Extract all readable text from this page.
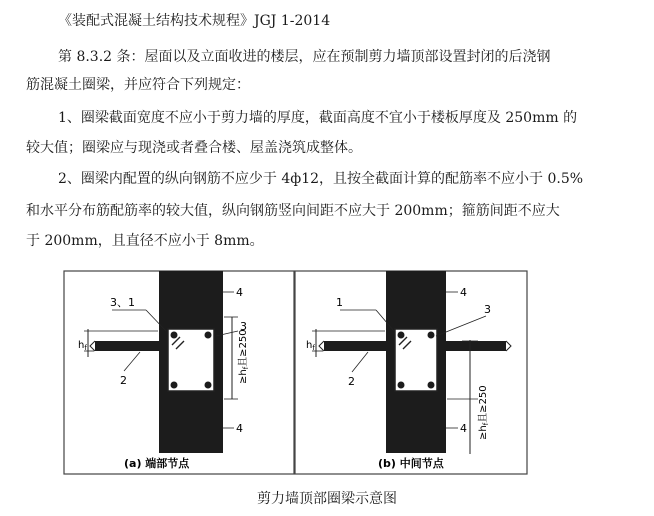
《装配式混凝土结构技术规程》JGJ 1-2014
第 8.3.2 条：屋面以及立面收进的楼层，应在预制剪力墙顶部设置封闭的后浇钢
筋混凝土圈梁，并应符合下列规定：
1、圈梁截面宽度不应小于剪力墙的厚度，截面高度不宜小于楼板厚度及 250mm 的
较大值；圈梁应与现浇或者叠合楼、屋盖浇筑成整体。
2、圈梁内配置的纵向钢筋不应少于 4ф12，且按全截面计算的配筋率不应小于 0.5%
和水平分布筋配筋率的较大值，纵向钢筋竖向间距不应大于 200mm；箍筋间距不应大
于 200mm，且直径不应小于 8mm。
3、1
2
3
4
4
$h_f$
$\ge h_f$且≥250
(a) 端部节点
1
2
3
4
4
$h_f$
$\ge h_f$且≥250
(b) 中间节点
剪力墙顶部圈梁示意图
